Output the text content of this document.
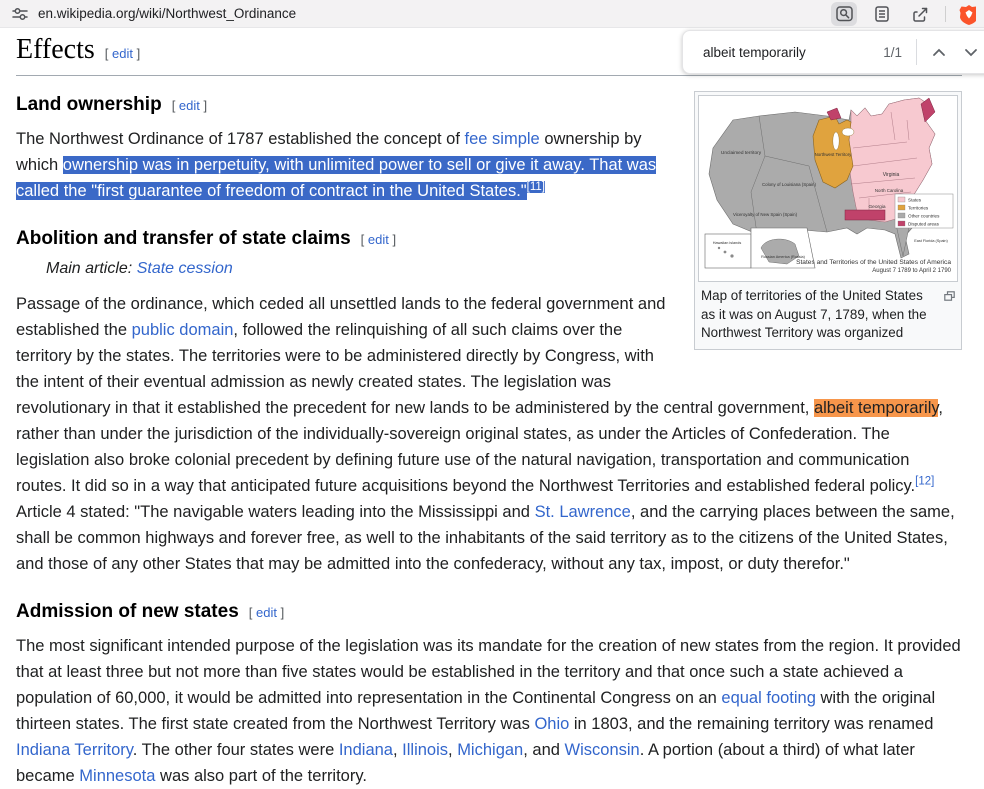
en.wikipedia.org/wiki/Northwest_Ordinance
albeit temporarily
1/1
Effects [ edit ]
States
Territories
Other countries
Disputed areas
Unclaimed territory
Colony of Louisiana (Spain)
Viceroyalty of New Spain (Spain)
Northwest Territory
Virginia
North Carolina
Georgia
East Florida (Spain)
Russian America (Russia)
Hawaiian islands
States and Territories of the United States of America
August 7 1789 to April 2 1790
Map of territories of the United States as it was on August 7, 1789, when the Northwest Territory was organized
Land ownership [ edit ]

The Northwest Ordinance of 1787 established the concept of fee simple ownership by which ownership was in perpetuity, with unlimited power to sell or give it away. That was called the "first guarantee of freedom of contract in the United States."[11]

Abolition and transfer of state claims [ edit ]
Main article: State cession

Passage of the ordinance, which ceded all unsettled lands to the federal government and established the public domain, followed the relinquishing of all such claims over the territory by the states. The territories were to be administered directly by Congress, with the intent of their eventual admission as newly created states. The legislation was revolutionary in that it established the precedent for new lands to be administered by the central government, albeit temporarily, rather than under the jurisdiction of the individually-sovereign original states, as under the Articles of Confederation. The legislation also broke colonial precedent by defining future use of the natural navigation, transportation and communication routes. It did so in a way that anticipated future acquisitions beyond the Northwest Territories and established federal policy.[12] Article 4 stated: "The navigable waters leading into the Mississippi and St. Lawrence, and the carrying places between the same, shall be common highways and forever free, as well to the inhabitants of the said territory as to the citizens of the United States, and those of any other States that may be admitted into the confederacy, without any tax, impost, or duty therefor."

Admission of new states [ edit ]

The most significant intended purpose of the legislation was its mandate for the creation of new states from the region. It provided that at least three but not more than five states would be established in the territory and that once such a state achieved a population of 60,000, it would be admitted into representation in the Continental Congress on an equal footing with the original thirteen states. The first state created from the Northwest Territory was Ohio in 1803, and the remaining territory was renamed Indiana Territory. The other four states were Indiana, Illinois, Michigan, and Wisconsin. A portion (about a third) of what later became Minnesota was also part of the territory.
